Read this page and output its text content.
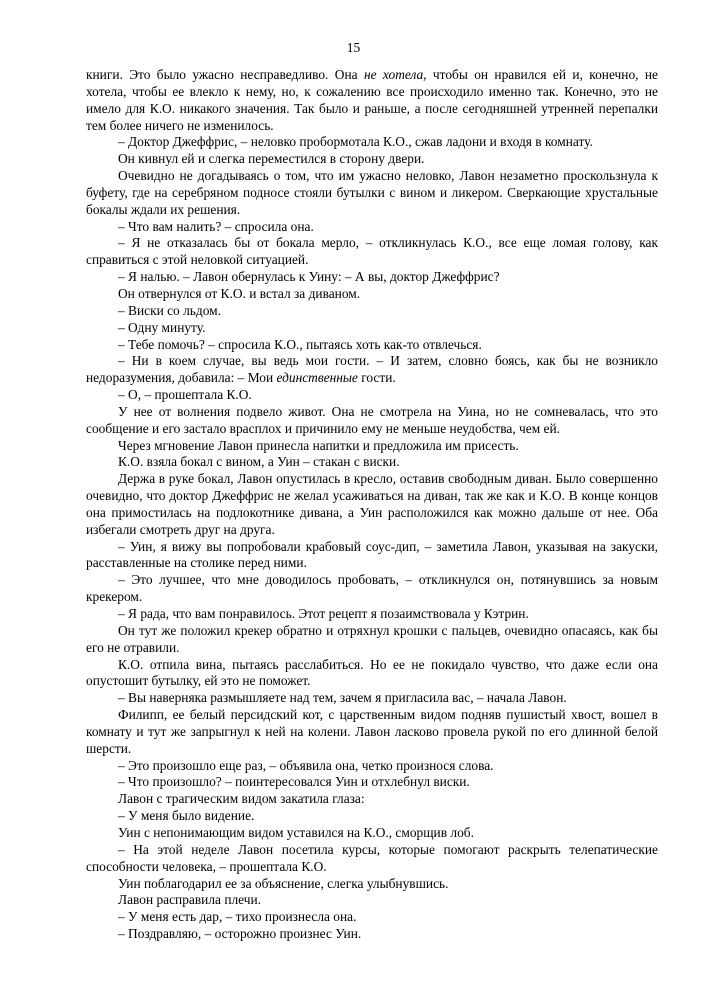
15

книги. Это было ужасно несправедливо. Она не хотела, чтобы он нравился ей и, конечно, не хотела, чтобы ее влекло к нему, но, к сожалению все происходило именно так. Конечно, это не имело для К.О. никакого значения. Так было и раньше, а после сегодняшней утренней перепалки тем более ничего не изменилось.

– Доктор Джеффрис, – неловко пробормотала К.О., сжав ладони и входя в комнату.

Он кивнул ей и слегка переместился в сторону двери.

Очевидно не догадываясь о том, что им ужасно неловко, Лавон незаметно проскользнула к буфету, где на серебряном подносе стояли бутылки с вином и ликером. Сверкающие хрустальные бокалы ждали их решения.

– Что вам налить? – спросила она.

– Я не отказалась бы от бокала мерло, – откликнулась К.О., все еще ломая голову, как справиться с этой неловкой ситуацией.

– Я налью. – Лавон обернулась к Уину: – А вы, доктор Джеффрис?

Он отвернулся от К.О. и встал за диваном.

– Виски со льдом.

– Одну минуту.

– Тебе помочь? – спросила К.О., пытаясь хоть как-то отвлечься.

– Ни в коем случае, вы ведь мои гости. – И затем, словно боясь, как бы не возникло недоразумения, добавила: – Мои единственные гости.

– О, – прошептала К.О.

У нее от волнения подвело живот. Она не смотрела на Уина, но не сомневалась, что это сообщение и его застало врасплох и причинило ему не меньше неудобства, чем ей.

Через мгновение Лавон принесла напитки и предложила им присесть.

К.О. взяла бокал с вином, а Уин – стакан с виски.

Держа в руке бокал, Лавон опустилась в кресло, оставив свободным диван. Было совершенно очевидно, что доктор Джеффрис не желал усаживаться на диван, так же как и К.О. В конце концов она примостилась на подлокотнике дивана, а Уин расположился как можно дальше от нее. Оба избегали смотреть друг на друга.

– Уин, я вижу вы попробовали крабовый соус-дип, – заметила Лавон, указывая на закуски, расставленные на столике перед ними.

– Это лучшее, что мне доводилось пробовать, – откликнулся он, потянувшись за новым крекером.

– Я рада, что вам понравилось. Этот рецепт я позаимствовала у Кэтрин.

Он тут же положил крекер обратно и отряхнул крошки с пальцев, очевидно опасаясь, как бы его не отравили.

К.О. отпила вина, пытаясь расслабиться. Но ее не покидало чувство, что даже если она опустошит бутылку, ей это не поможет.

– Вы наверняка размышляете над тем, зачем я пригласила вас, – начала Лавон.

Филипп, ее белый персидский кот, с царственным видом подняв пушистый хвост, вошел в комнату и тут же запрыгнул к ней на колени. Лавон ласково провела рукой по его длинной белой шерсти.

– Это произошло еще раз, – объявила она, четко произнося слова.

– Что произошло? – поинтересовался Уин и отхлебнул виски.

Лавон с трагическим видом закатила глаза:

– У меня было видение.

Уин с непонимающим видом уставился на К.О., сморщив лоб.

– На этой неделе Лавон посетила курсы, которые помогают раскрыть телепатические способности человека, – прошептала К.О.

Уин поблагодарил ее за объяснение, слегка улыбнувшись.

Лавон расправила плечи.

– У меня есть дар, – тихо произнесла она.

– Поздравляю, – осторожно произнес Уин.
